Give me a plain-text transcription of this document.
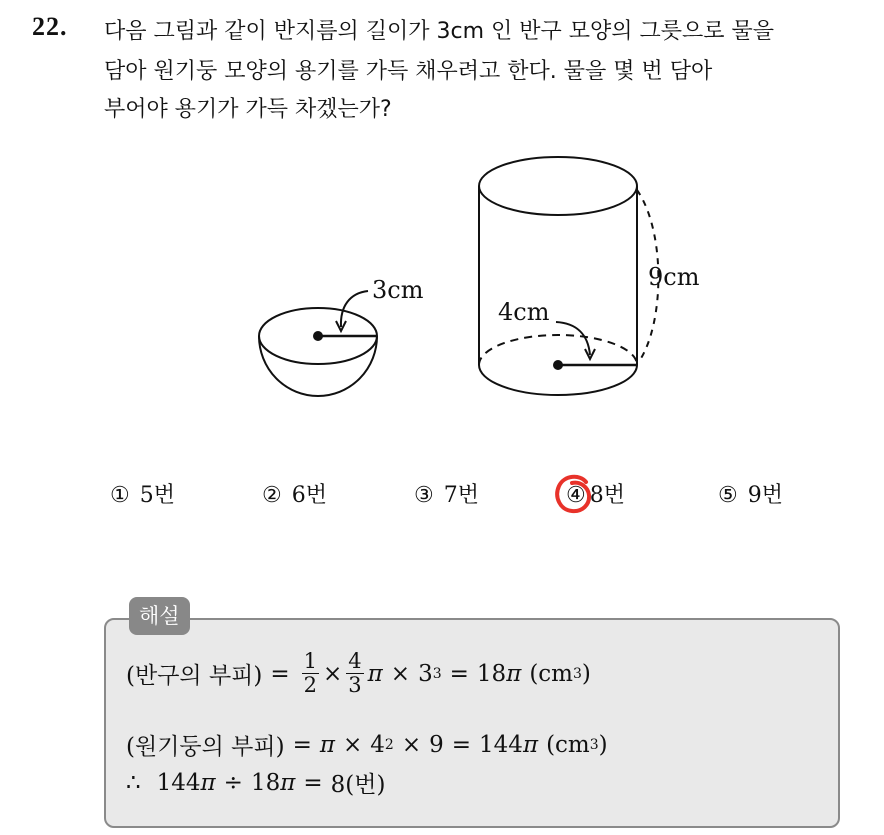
22. 다음 그림과 같이 반지름의 길이가 3cm 인 반구 모양의 그릇으로 물을
담아 원기둥 모양의 용기를 가득 채우려고 한다. 물을 몇 번 담아
부어야 용기가 가득 차겠는가?
3cm	9cm
4cm
① 5번	② 6번	③ 7번	④ 8번	⑤ 9번
해설
(반구의 부피) = $\frac{1}{2} \times \frac{4}{3}$ π × 3 3 = 18 π (cm 3 )
(원기둥의 부피) = π × 4 2 × 9 = 144 π (cm 3 )
∴ 144 π ÷ 18 π = 8(번)
